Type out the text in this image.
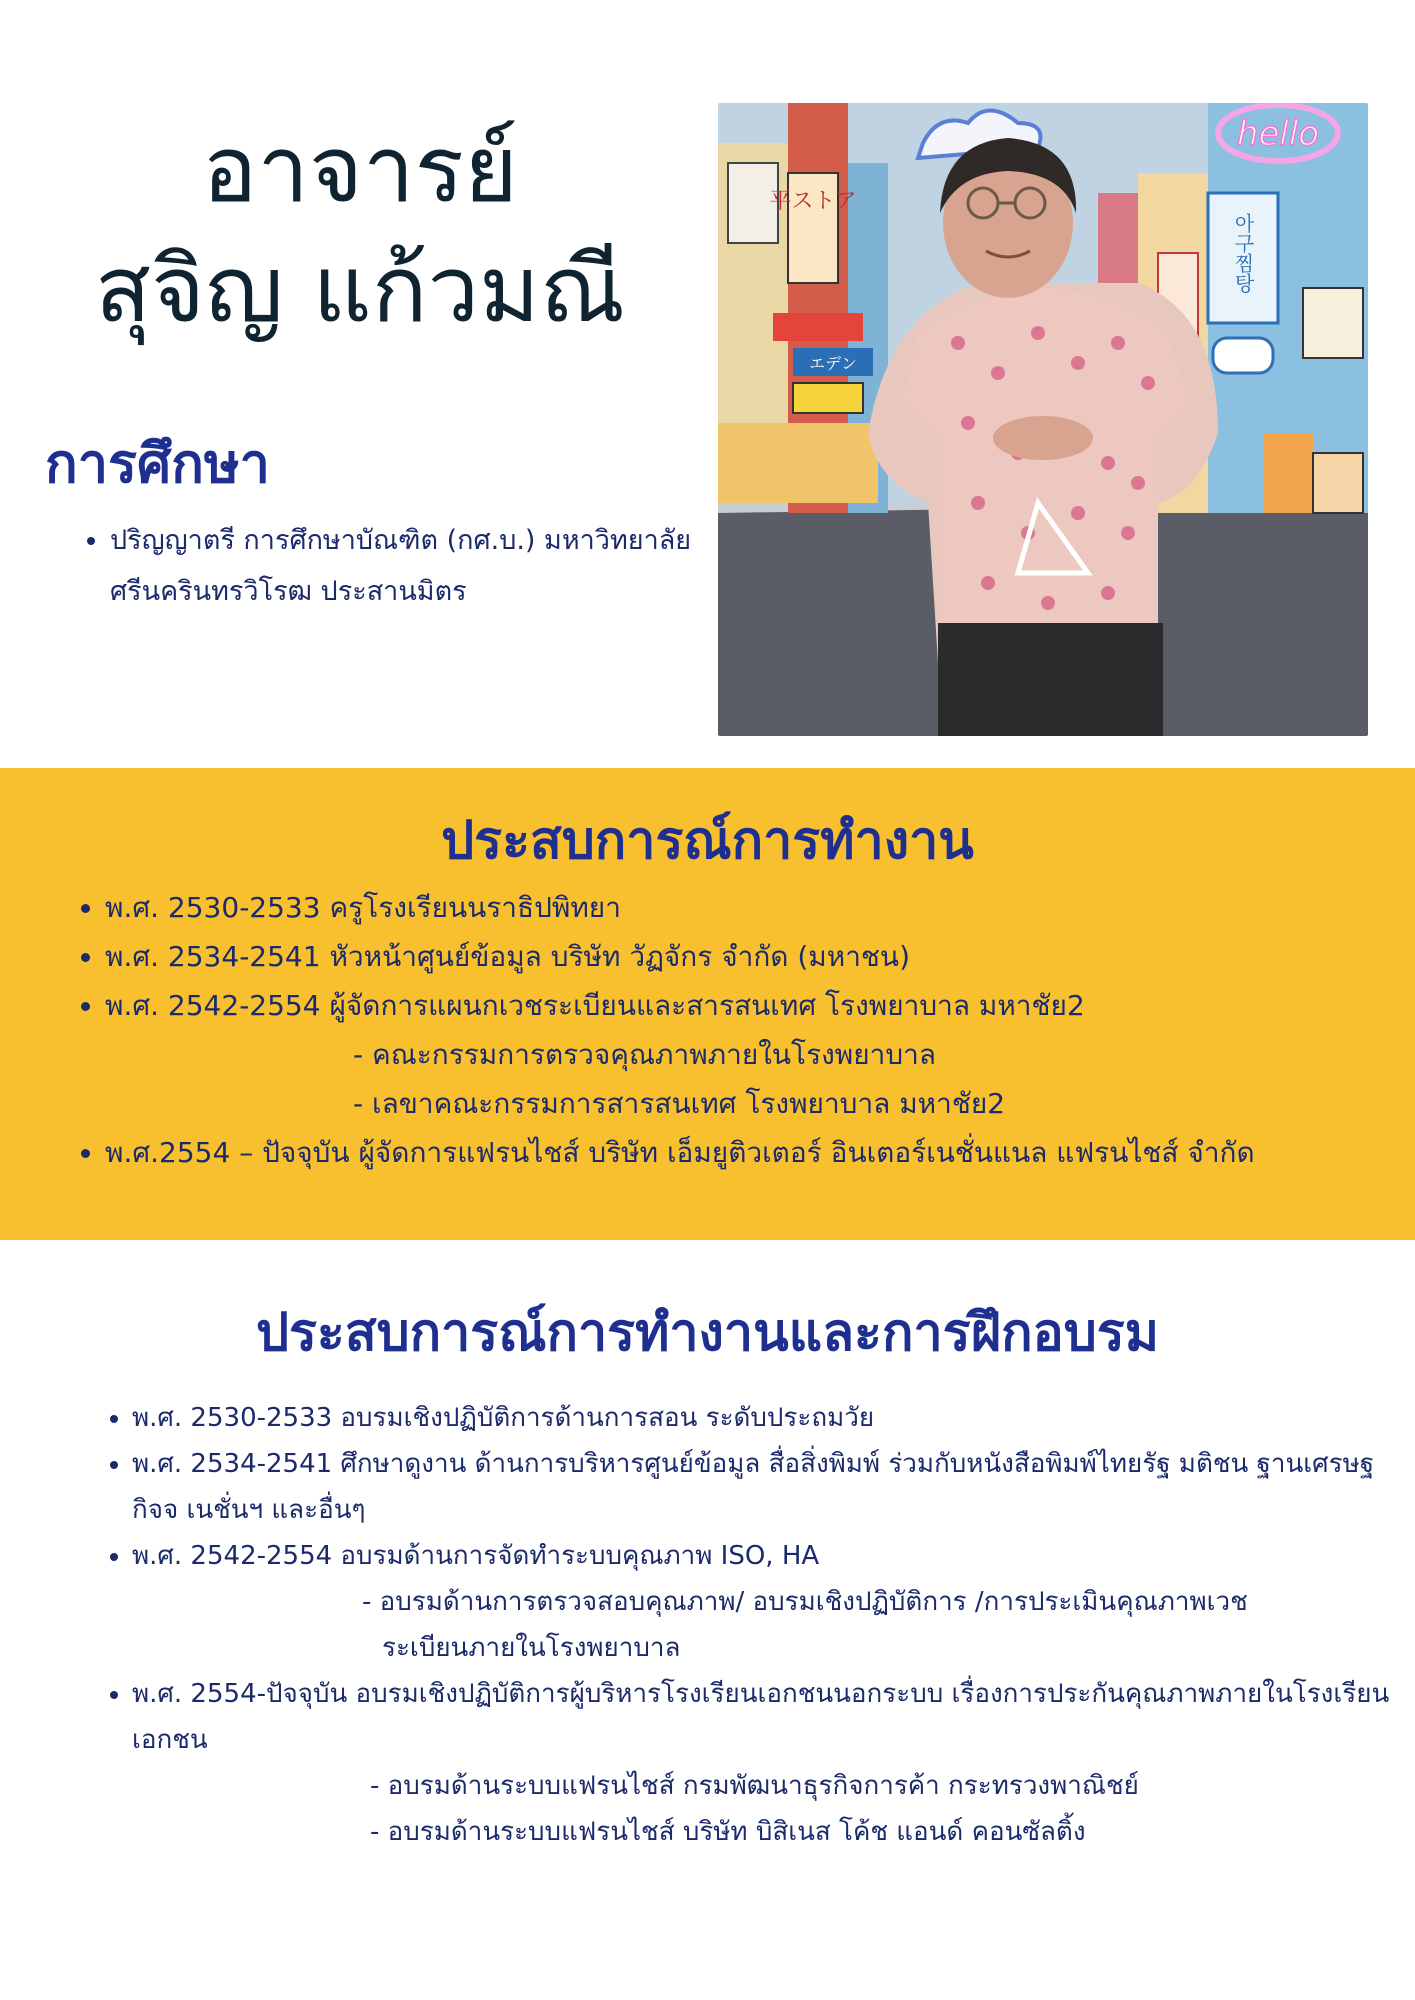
อาจารย์
สุจิญ แก้วมณี
การศึกษา
• ปริญญาตรี การศึกษาบัณฑิต (กศ.บ.) มหาวิทยาลัยศรีนครินทรวิโรฒ ประสานมิตร
平ストア
エデン
아구찜탕
hello
ประสบการณ์การทำงาน
• พ.ศ. 2530-2533 ครูโรงเรียนนราธิปพิทยา
• พ.ศ. 2534-2541 หัวหน้าศูนย์ข้อมูล บริษัท วัฏจักร จำกัด (มหาชน)
• พ.ศ. 2542-2554 ผู้จัดการแผนกเวชระเบียนและสารสนเทศ โรงพยาบาล มหาชัย2
- คณะกรรมการตรวจคุณภาพภายในโรงพยาบาล
- เลขาคณะกรรมการสารสนเทศ โรงพยาบาล มหาชัย2
• พ.ศ.2554 – ปัจจุบัน ผู้จัดการแฟรนไชส์ บริษัท เอ็มยูติวเตอร์ อินเตอร์เนชั่นแนล แฟรนไชส์ จำกัด
ประสบการณ์การทำงานและการฝึกอบรม
• พ.ศ. 2530-2533 อบรมเชิงปฏิบัติการด้านการสอน ระดับประถมวัย
• พ.ศ. 2534-2541 ศึกษาดูงาน ด้านการบริหารศูนย์ข้อมูล สื่อสิ่งพิมพ์ ร่วมกับหนังสือพิมพ์ไทยรัฐ มติชน ฐานเศรษฐกิจจ เนชั่นฯ และอื่นๆ
• พ.ศ. 2542-2554 อบรมด้านการจัดทำระบบคุณภาพ ISO, HA
- อบรมด้านการตรวจสอบคุณภาพ/ อบรมเชิงปฏิบัติการ /การประเมินคุณภาพเวช
ระเบียนภายในโรงพยาบาล
• พ.ศ. 2554-ปัจจุบัน อบรมเชิงปฏิบัติการผู้บริหารโรงเรียนเอกชนนอกระบบ เรื่องการประกันคุณภาพภายในโรงเรียนเอกชน
- อบรมด้านระบบแฟรนไชส์ กรมพัฒนาธุรกิจการค้า กระทรวงพาณิชย์
- อบรมด้านระบบแฟรนไชส์ บริษัท บิสิเนส โค้ช แอนด์ คอนซัลติ้ง
